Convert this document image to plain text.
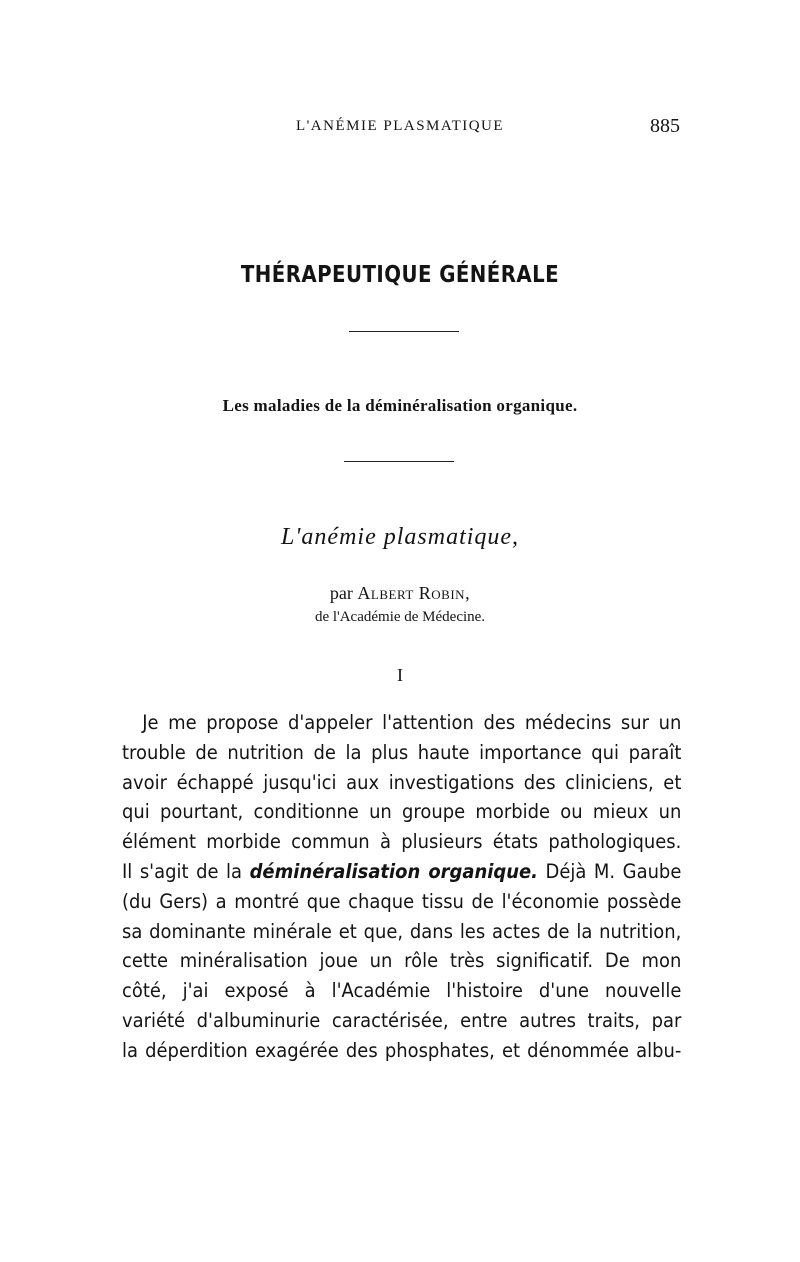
L'ANÉMIE PLASMATIQUE	885
THÉRAPEUTIQUE GÉNÉRALE
Les maladies de la déminéralisation organique.
L'anémie plasmatique,
par Albert Robin,
de l'Académie de Médecine.
I
Je me propose d'appeler l'attention des médecins sur un
trouble de nutrition de la plus haute importance qui paraît
avoir échappé jusqu'ici aux investigations des cliniciens, et
qui pourtant, conditionne un groupe morbide ou mieux un
élément morbide commun à plusieurs états pathologiques.
Il s'agit de la déminéralisation organique. Déjà M. Gaube
(du Gers) a montré que chaque tissu de l'économie possède
sa dominante minérale et que, dans les actes de la nutrition,
cette minéralisation joue un rôle très significatif. De mon
côté, j'ai exposé à l'Académie l'histoire d'une nouvelle
variété d'albuminurie caractérisée, entre autres traits, par
la déperdition exagérée des phosphates, et dénommée albu-
